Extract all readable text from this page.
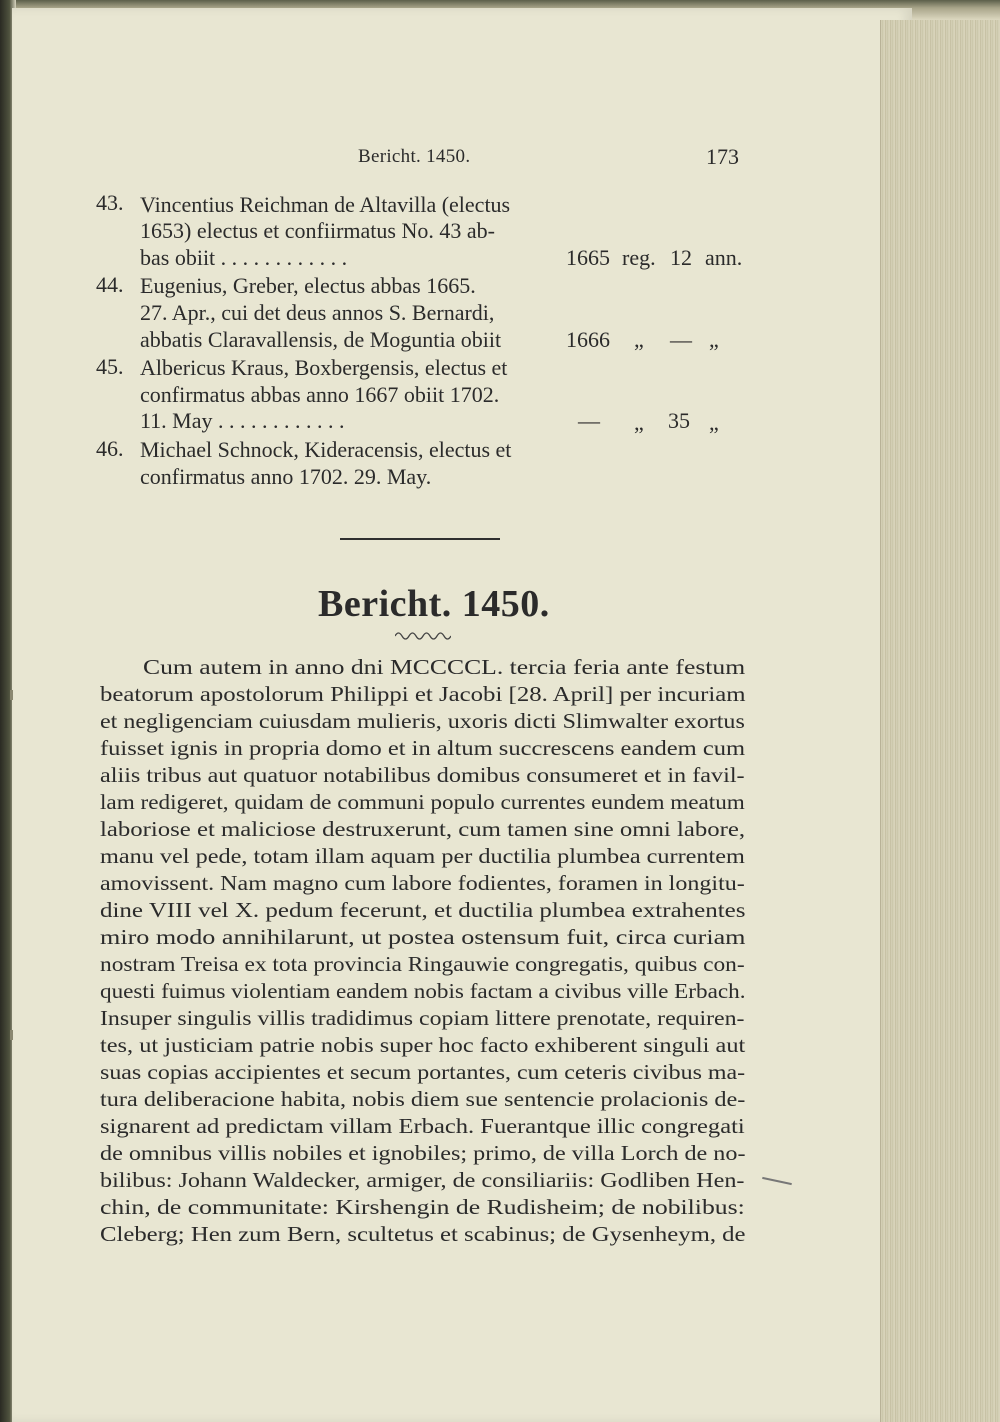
Bericht. 1450.	173
43. Vincentius Reichman de Altavilla (electus
1653) electus et confiirmatus No. 43 ab-
bas obiit . . . . . . . . . . . .	1665 reg. 12 ann.
44. Eugenius, Greber, electus abbas 1665.
27. Apr., cui det deus annos S. Bernardi,
abbatis Claravallensis, de Moguntia obiit	1666 „ — „
45. Albericus Kraus, Boxbergensis, electus et
confirmatus abbas anno 1667 obiit 1702.
11. May . . . . . . . . . . . .	— „ 35 „
46. Michael Schnock, Kideracensis, electus et
confirmatus anno 1702. 29. May.
Bericht. 1450.
Cum autem in anno dni MCCCCL. tercia feria ante festum
beatorum apostolorum Philippi et Jacobi [28. April] per incuriam
et negligenciam cuiusdam mulieris, uxoris dicti Slimwalter exortus
fuisset ignis in propria domo et in altum succrescens eandem cum
aliis tribus aut quatuor notabilibus domibus consumeret et in favil-
lam redigeret, quidam de communi populo currentes eundem meatum
laboriose et maliciose destruxerunt, cum tamen sine omni labore,
manu vel pede, totam illam aquam per ductilia plumbea currentem
amovissent. Nam magno cum labore fodientes, foramen in longitu-
dine VIII vel X. pedum fecerunt, et ductilia plumbea extrahentes
miro modo annihilarunt, ut postea ostensum fuit, circa curiam
nostram Treisa ex tota provincia Ringauwie congregatis, quibus con-
questi fuimus violentiam eandem nobis factam a civibus ville Erbach.
Insuper singulis villis tradidimus copiam littere prenotate, requiren-
tes, ut justiciam patrie nobis super hoc facto exhiberent singuli aut
suas copias accipientes et secum portantes, cum ceteris civibus ma-
tura deliberacione habita, nobis diem sue sentencie prolacionis de-
signarent ad predictam villam Erbach. Fuerantque illic congregati
de omnibus villis nobiles et ignobiles; primo, de villa Lorch de no-
bilibus: Johann Waldecker, armiger, de consiliariis: Godliben Hen-
chin, de communitate: Kirshengin de Rudisheim; de nobilibus:
Cleberg; Hen zum Bern, scultetus et scabinus; de Gysenheym, de
